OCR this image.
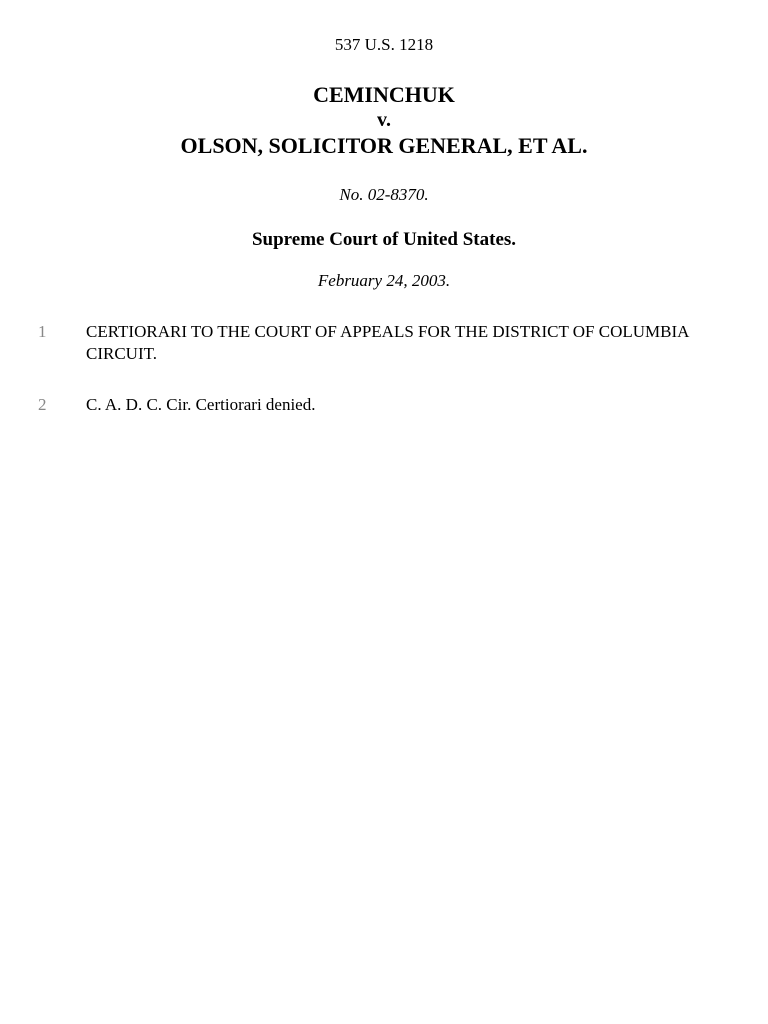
537 U.S. 1218
CEMINCHUK
v.
OLSON, SOLICITOR GENERAL, ET AL.
No. 02-8370.
Supreme Court of United States.
February 24, 2003.
1	CERTIORARI TO THE COURT OF APPEALS FOR THE DISTRICT OF COLUMBIA CIRCUIT.
2	C. A. D. C. Cir. Certiorari denied.
